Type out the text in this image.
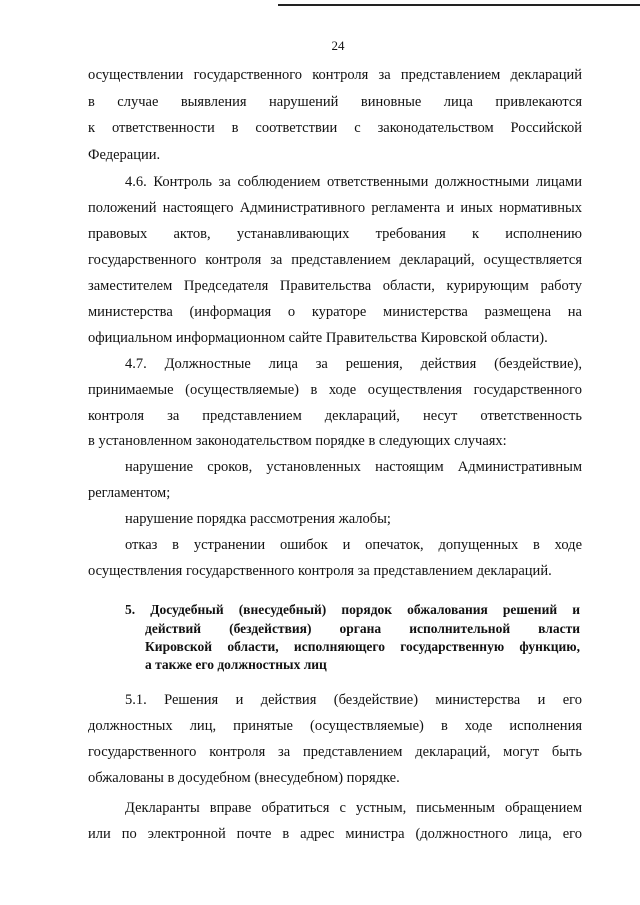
24
осуществлении государственного контроля за представлением деклараций
в случае выявления нарушений виновные лица привлекаются
к ответственности в соответствии с законодательством Российской
Федерации.
4.6. Контроль за соблюдением ответственными должностными лицами
положений настоящего Административного регламента и иных нормативных
правовых актов, устанавливающих требования к исполнению
государственного контроля за представлением деклараций, осуществляется
заместителем Председателя Правительства области, курирующим работу
министерства (информация о кураторе министерства размещена на
официальном информационном сайте Правительства Кировской области).
4.7. Должностные лица за решения, действия (бездействие),
принимаемые (осуществляемые) в ходе осуществления государственного
контроля за представлением деклараций, несут ответственность
в установленном законодательством порядке в следующих случаях:
нарушение сроков, установленных настоящим Административным
регламентом;
нарушение порядка рассмотрения жалобы;
отказ в устранении ошибок и опечаток, допущенных в ходе
осуществления государственного контроля за представлением деклараций.
5. Досудебный (внесудебный) порядок обжалования решений и
действий (бездействия) органа исполнительной власти
Кировской области, исполняющего государственную функцию,
а также его должностных лиц
5.1. Решения и действия (бездействие) министерства и его
должностных лиц, принятые (осуществляемые) в ходе исполнения
государственного контроля за представлением деклараций, могут быть
обжалованы в досудебном (внесудебном) порядке.
Декларанты вправе обратиться с устным, письменным обращением
или по электронной почте в адрес министра (должностного лица, его
